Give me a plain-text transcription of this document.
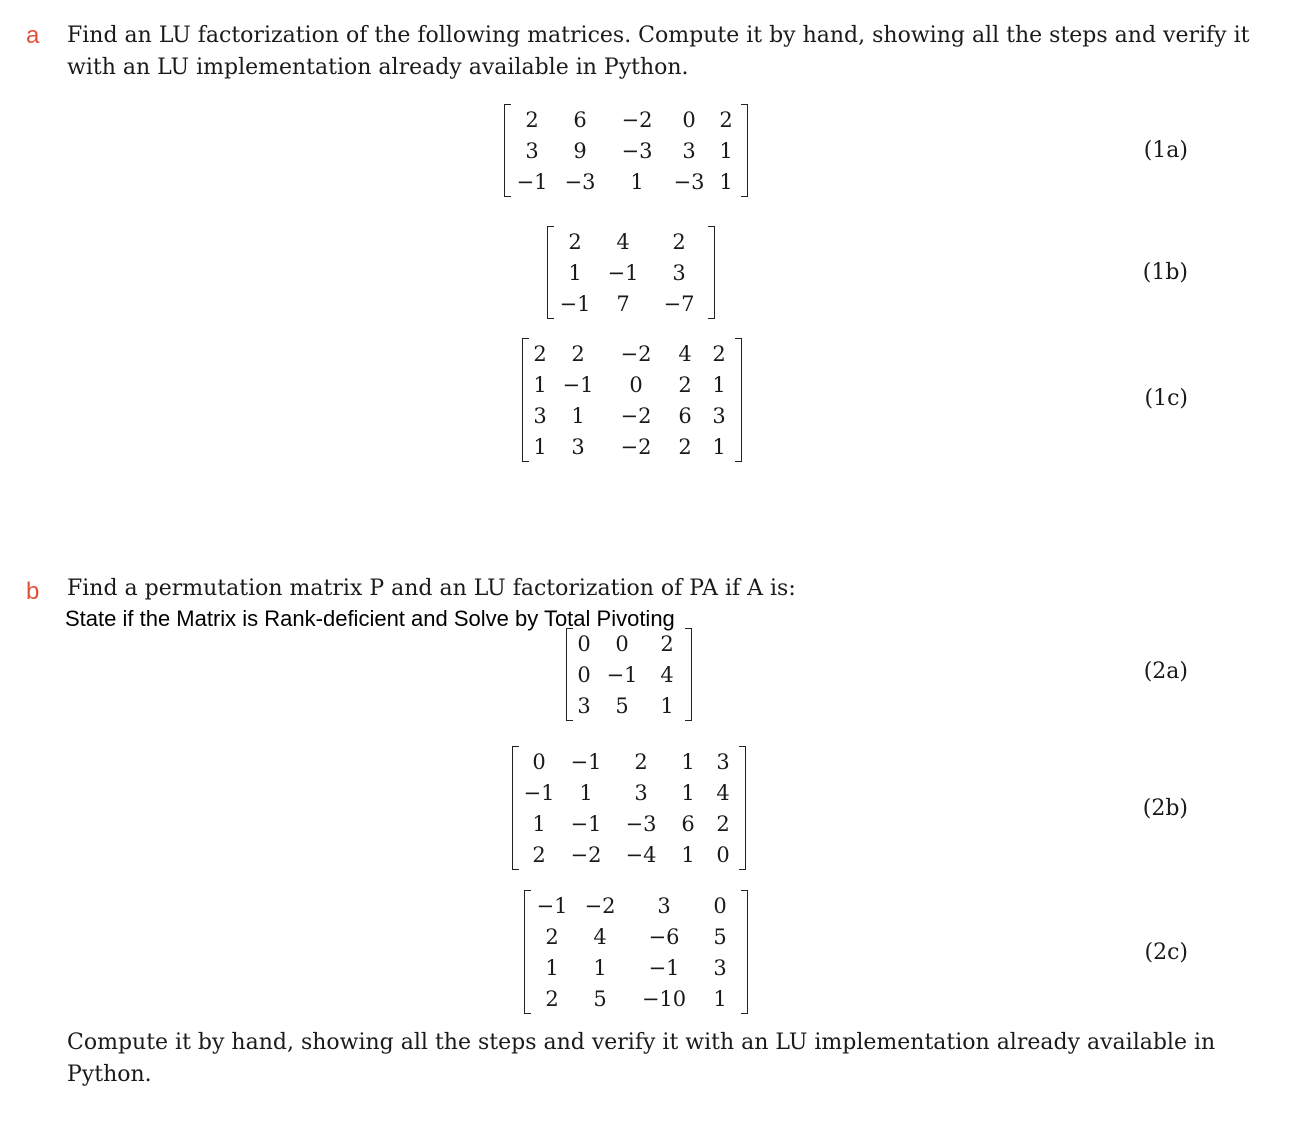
a Find an LU factorization of the following matrices. Compute it by hand, showing all the steps and verify it
with an LU implementation already available in Python.
2	6	−2	0	2
3	9	−3	3	1
−1	−3	1	−3	1
(1a)
2	4	2
1	−1	3
−1	7	−7
(1b)
2	2	−2	4	2
1	−1	0	2	1
3	1	−2	6	3
1	3	−2	2	1
(1c)
b Find a permutation matrix P and an LU factorization of PA if A is:
State if the Matrix is Rank-deficient and Solve by Total Pivoting
0	0	2
0	−1	4
3	5	1
(2a)
0	−1	2	1	3
−1	1	3	1	4
1	−1	−3	6	2
2	−2	−4	1	0
(2b)
−1	−2	3	0
2	4	−6	5
1	1	−1	3
2	5	−10	1
(2c)
Compute it by hand, showing all the steps and verify it with an LU implementation already available in
Python.
